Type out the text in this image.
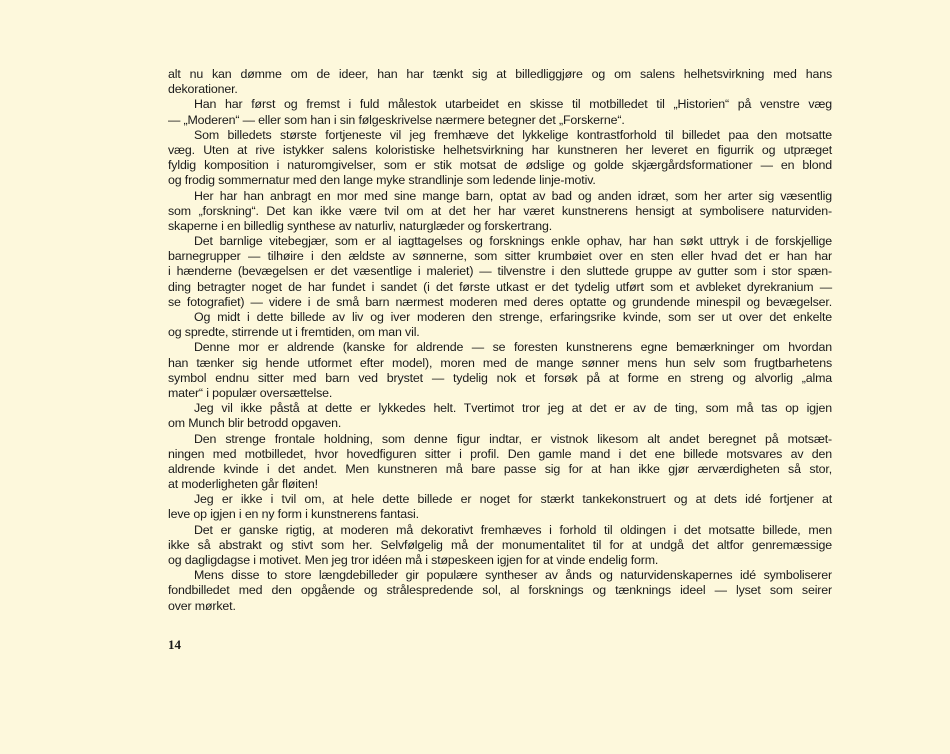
alt nu kan dømme om de ideer, han har tænkt sig at billedliggjøre og om salens helhetsvirkning med hans
dekorationer.
Han har først og fremst i fuld målestok utarbeidet en skisse til motbilledet til „Historien“ på venstre væg
— „Moderen“ — eller som han i sin følgeskrivelse nærmere betegner det „Forskerne“.
Som billedets største fortjeneste vil jeg fremhæve det lykkelige kontrastforhold til billedet paa den motsatte
væg. Uten at rive istykker salens koloristiske helhetsvirkning har kunstneren her leveret en figurrik og utpræget
fyldig komposition i naturomgivelser, som er stik motsat de ødslige og golde skjærgårdsformationer — en blond
og frodig sommernatur med den lange myke strandlinje som ledende linje-motiv.
Her har han anbragt en mor med sine mange barn, optat av bad og anden idræt, som her arter sig væsentlig
som „forskning“. Det kan ikke være tvil om at det her har været kunstnerens hensigt at symbolisere naturviden-
skaperne i en billedlig synthese av naturliv, naturglæder og forskertrang.
Det barnlige vitebegjær, som er al iagttagelses og forsknings enkle ophav, har han søkt uttryk i de forskjellige
barnegrupper — tilhøire i den ældste av sønnerne, som sitter krumbøiet over en sten eller hvad det er han har
i hænderne (bevægelsen er det væsentlige i maleriet) — tilvenstre i den sluttede gruppe av gutter som i stor spæn-
ding betragter noget de har fundet i sandet (i det første utkast er det tydelig utført som et avbleket dyrekranium —
se fotografiet) — videre i de små barn nærmest moderen med deres optatte og grundende minespil og bevægelser.
Og midt i dette billede av liv og iver moderen den strenge, erfaringsrike kvinde, som ser ut over det enkelte
og spredte, stirrende ut i fremtiden, om man vil.
Denne mor er aldrende (kanske for aldrende — se foresten kunstnerens egne bemærkninger om hvordan
han tænker sig hende utformet efter model), moren med de mange sønner mens hun selv som frugtbarhetens
symbol endnu sitter med barn ved brystet — tydelig nok et forsøk på at forme en streng og alvorlig „alma
mater“ i populær oversættelse.
Jeg vil ikke påstå at dette er lykkedes helt. Tvertimot tror jeg at det er av de ting, som må tas op igjen
om Munch blir betrodd opgaven.
Den strenge frontale holdning, som denne figur indtar, er vistnok likesom alt andet beregnet på motsæt-
ningen med motbilledet, hvor hovedfiguren sitter i profil. Den gamle mand i det ene billede motsvares av den
aldrende kvinde i det andet. Men kunstneren må bare passe sig for at han ikke gjør ærværdigheten så stor,
at moderligheten går fløiten!
Jeg er ikke i tvil om, at hele dette billede er noget for stærkt tankekonstruert og at dets idé fortjener at
leve op igjen i en ny form i kunstnerens fantasi.
Det er ganske rigtig, at moderen må dekorativt fremhæves i forhold til oldingen i det motsatte billede, men
ikke så abstrakt og stivt som her. Selvfølgelig må der monumentalitet til for at undgå det altfor genremæssige
og dagligdagse i motivet. Men jeg tror idéen må i støpeskeen igjen for at vinde endelig form.
Mens disse to store længdebilleder gir populære syntheser av ånds og naturvidenskapernes idé symboliserer
fondbilledet med den opgående og strålespredende sol, al forsknings og tænknings ideel — lyset som seirer
over mørket.
14
